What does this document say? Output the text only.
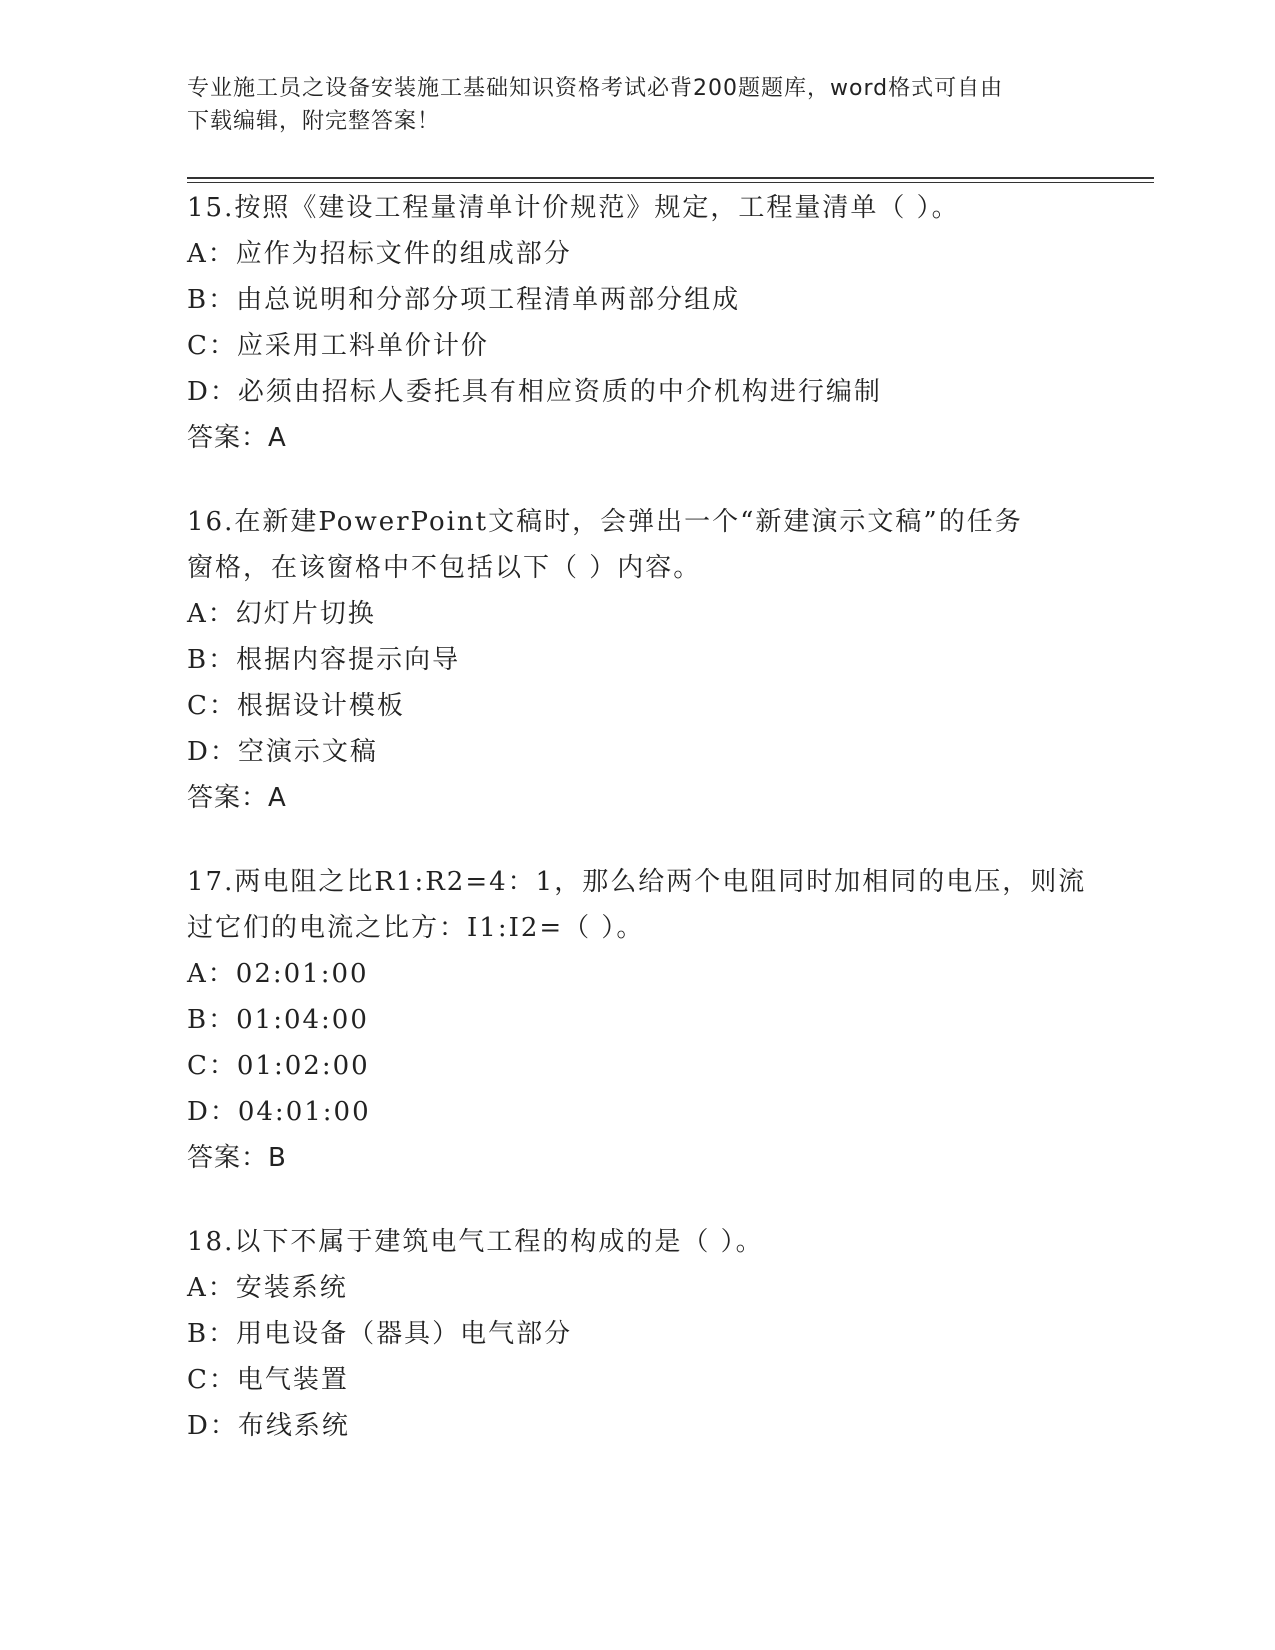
专业施工员之设备安装施工基础知识资格考试必背200题题库，word格式可自由
下载编辑，附完整答案！
15.按照《建设工程量清单计价规范》规定，工程量清单（ ）。
A：应作为招标文件的组成部分
B：由总说明和分部分项工程清单两部分组成
C：应采用工料单价计价
D：必须由招标人委托具有相应资质的中介机构进行编制
答案：A
16.在新建PowerPoint文稿时，会弹出一个“新建演示文稿”的任务
窗格，在该窗格中不包括以下（ ）内容。
A：幻灯片切换
B：根据内容提示向导
C：根据设计模板
D：空演示文稿
答案：A
17.两电阻之比R1:R2=4：1，那么给两个电阻同时加相同的电压，则流
过它们的电流之比方：I1:I2=（ ）。
A：02:01:00
B：01:04:00
C：01:02:00
D：04:01:00
答案：B
18.以下不属于建筑电气工程的构成的是（ ）。
A：安装系统
B：用电设备（器具）电气部分
C：电气装置
D：布线系统
